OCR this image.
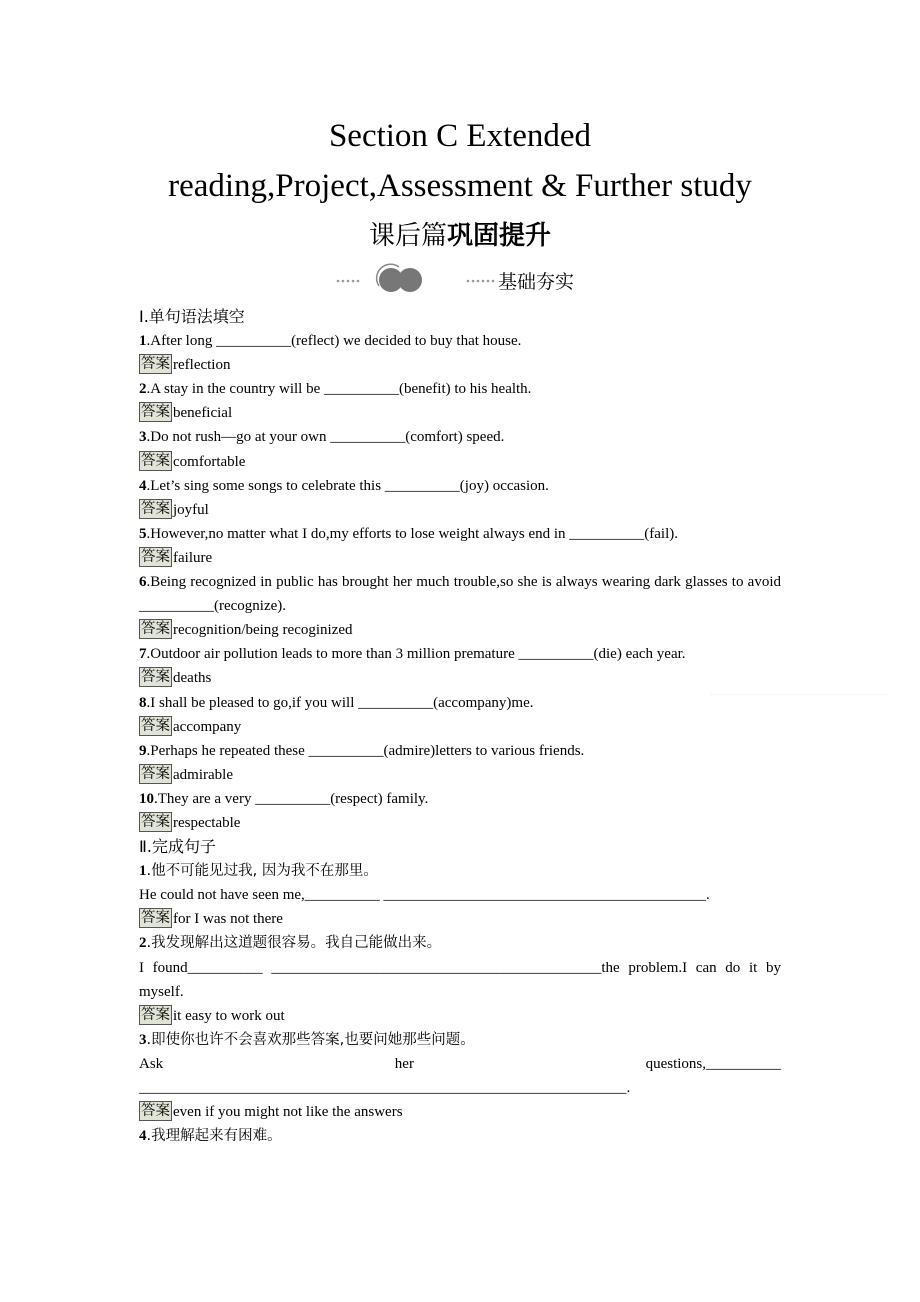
Section C Extended
reading,Project,Assessment & Further study
课后篇巩固提升
基础夯实

Ⅰ.单句语法填空

1.After long __________(reflect) we decided to buy that house.

答案 reflection

2.A stay in the country will be __________(benefit) to his health.

答案 beneficial

3.Do not rush—go at your own __________(comfort) speed.

答案 comfortable

4.Let’s sing some songs to celebrate this __________(joy) occasion.

答案 joyful

5.However,no matter what I do,my efforts to lose weight always end in __________(fail).

答案 failure

6.Being recognized in public has brought her much trouble,so she is always wearing dark glasses to avoid __________(recognize).

答案 recognition/being recoginized

7.Outdoor air pollution leads to more than 3 million premature __________(die) each year.

答案 deaths

8.I shall be pleased to go,if you will __________(accompany)me.

答案 accompany

9.Perhaps he repeated these __________(admire)letters to various friends.

答案 admirable

10.They are a very __________(respect) family.

答案 respectable

Ⅱ.完成句子

1.他不可能见过我, 因为我不在那里。

He could not have seen me,__________ ___________________________________________.

答案 for I was not there

2.我发现解出这道题很容易。我自己能做出来。

I found__________ ____________________________________________the problem.I can do it by myself.

答案 it easy to work out

3.即使你也许不会喜欢那些答案,也要问她那些问题。

Ask her questions,__________ _________________________________________________________________.

答案 even if you might not like the answers

4.我理解起来有困难。
